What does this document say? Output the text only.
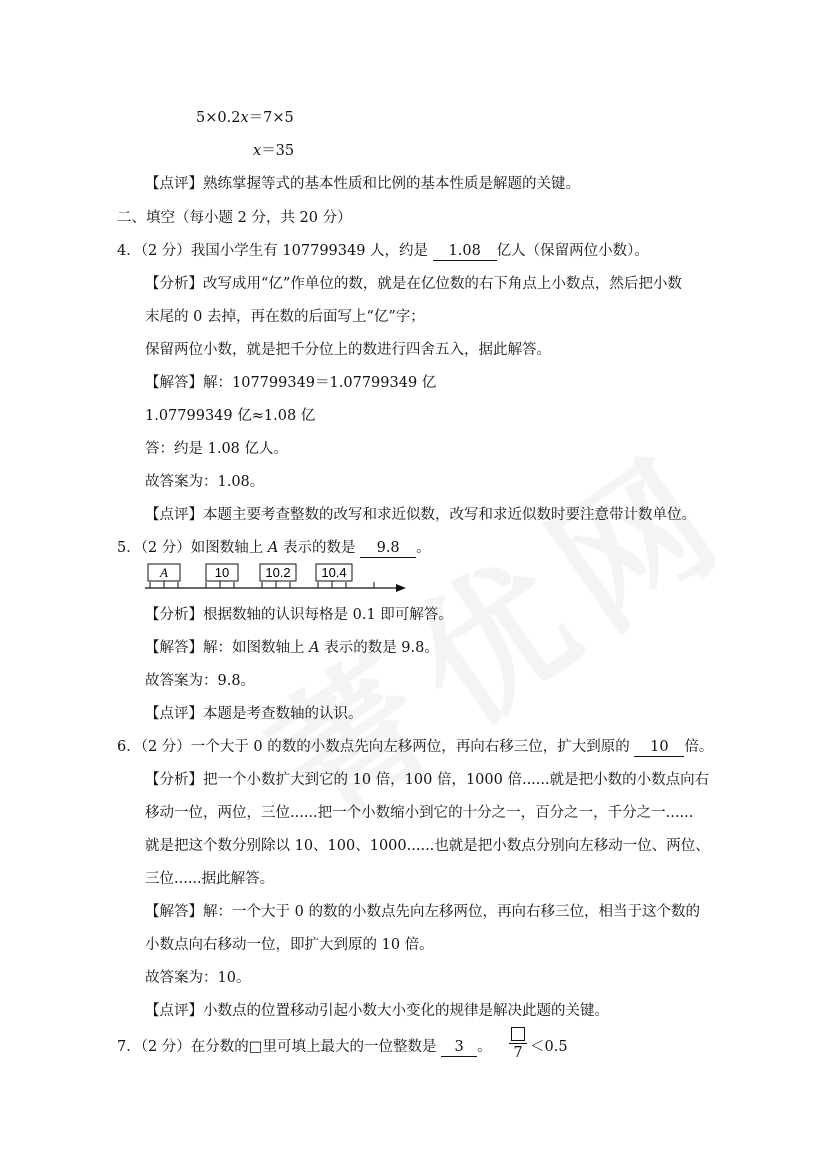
5×0.2x＝7×5
x＝35
【点评】熟练掌握等式的基本性质和比例的基本性质是解题的关键。
二、填空（每小题 2 分，共 20 分）
4．（2 分）我国小学生有 107799349 人，约是 1.08 亿人（保留两位小数）。
【分析】改写成用“亿”作单位的数，就是在亿位数的右下角点上小数点，然后把小数
末尾的 0 去掉，再在数的后面写上“亿”字；
保留两位小数，就是把千分位上的数进行四舍五入，据此解答。
【解答】解：107799349＝1.07799349 亿
1.07799349 亿≈1.08 亿
答：约是 1.08 亿人。
故答案为：1.08。
【点评】本题主要考查整数的改写和求近似数，改写和求近似数时要注意带计数单位。
5．（2 分）如图数轴上 A 表示的数是 9.8 。
A	10	10.2 10.4
【分析】根据数轴的认识每格是 0.1 即可解答。
【解答】解：如图数轴上 A 表示的数是 9.8。
故答案为：9.8。
【点评】本题是考查数轴的认识。
6．（2 分）一个大于 0 的数的小数点先向左移两位，再向右移三位，扩大到原的 10 倍。
【分析】把一个小数扩大到它的 10 倍，100 倍，1000 倍......就是把小数的小数点向右
移动一位，两位，三位......把一个小数缩小到它的十分之一，百分之一，千分之一......
就是把这个数分别除以 10、100、1000......也就是把小数点分别向左移动一位、两位、
三位......据此解答。
【解答】解：一个大于 0 的数的小数点先向左移两位，再向右移三位，相当于这个数的
小数点向右移动一位，即扩大到原的 10 倍。
故答案为：10。
【点评】小数点的位置移动引起小数大小变化的规律是解决此题的关键。
7．（2 分）在分数的□里可填上最大的一位整数是 3 。	7 ＜0.5
